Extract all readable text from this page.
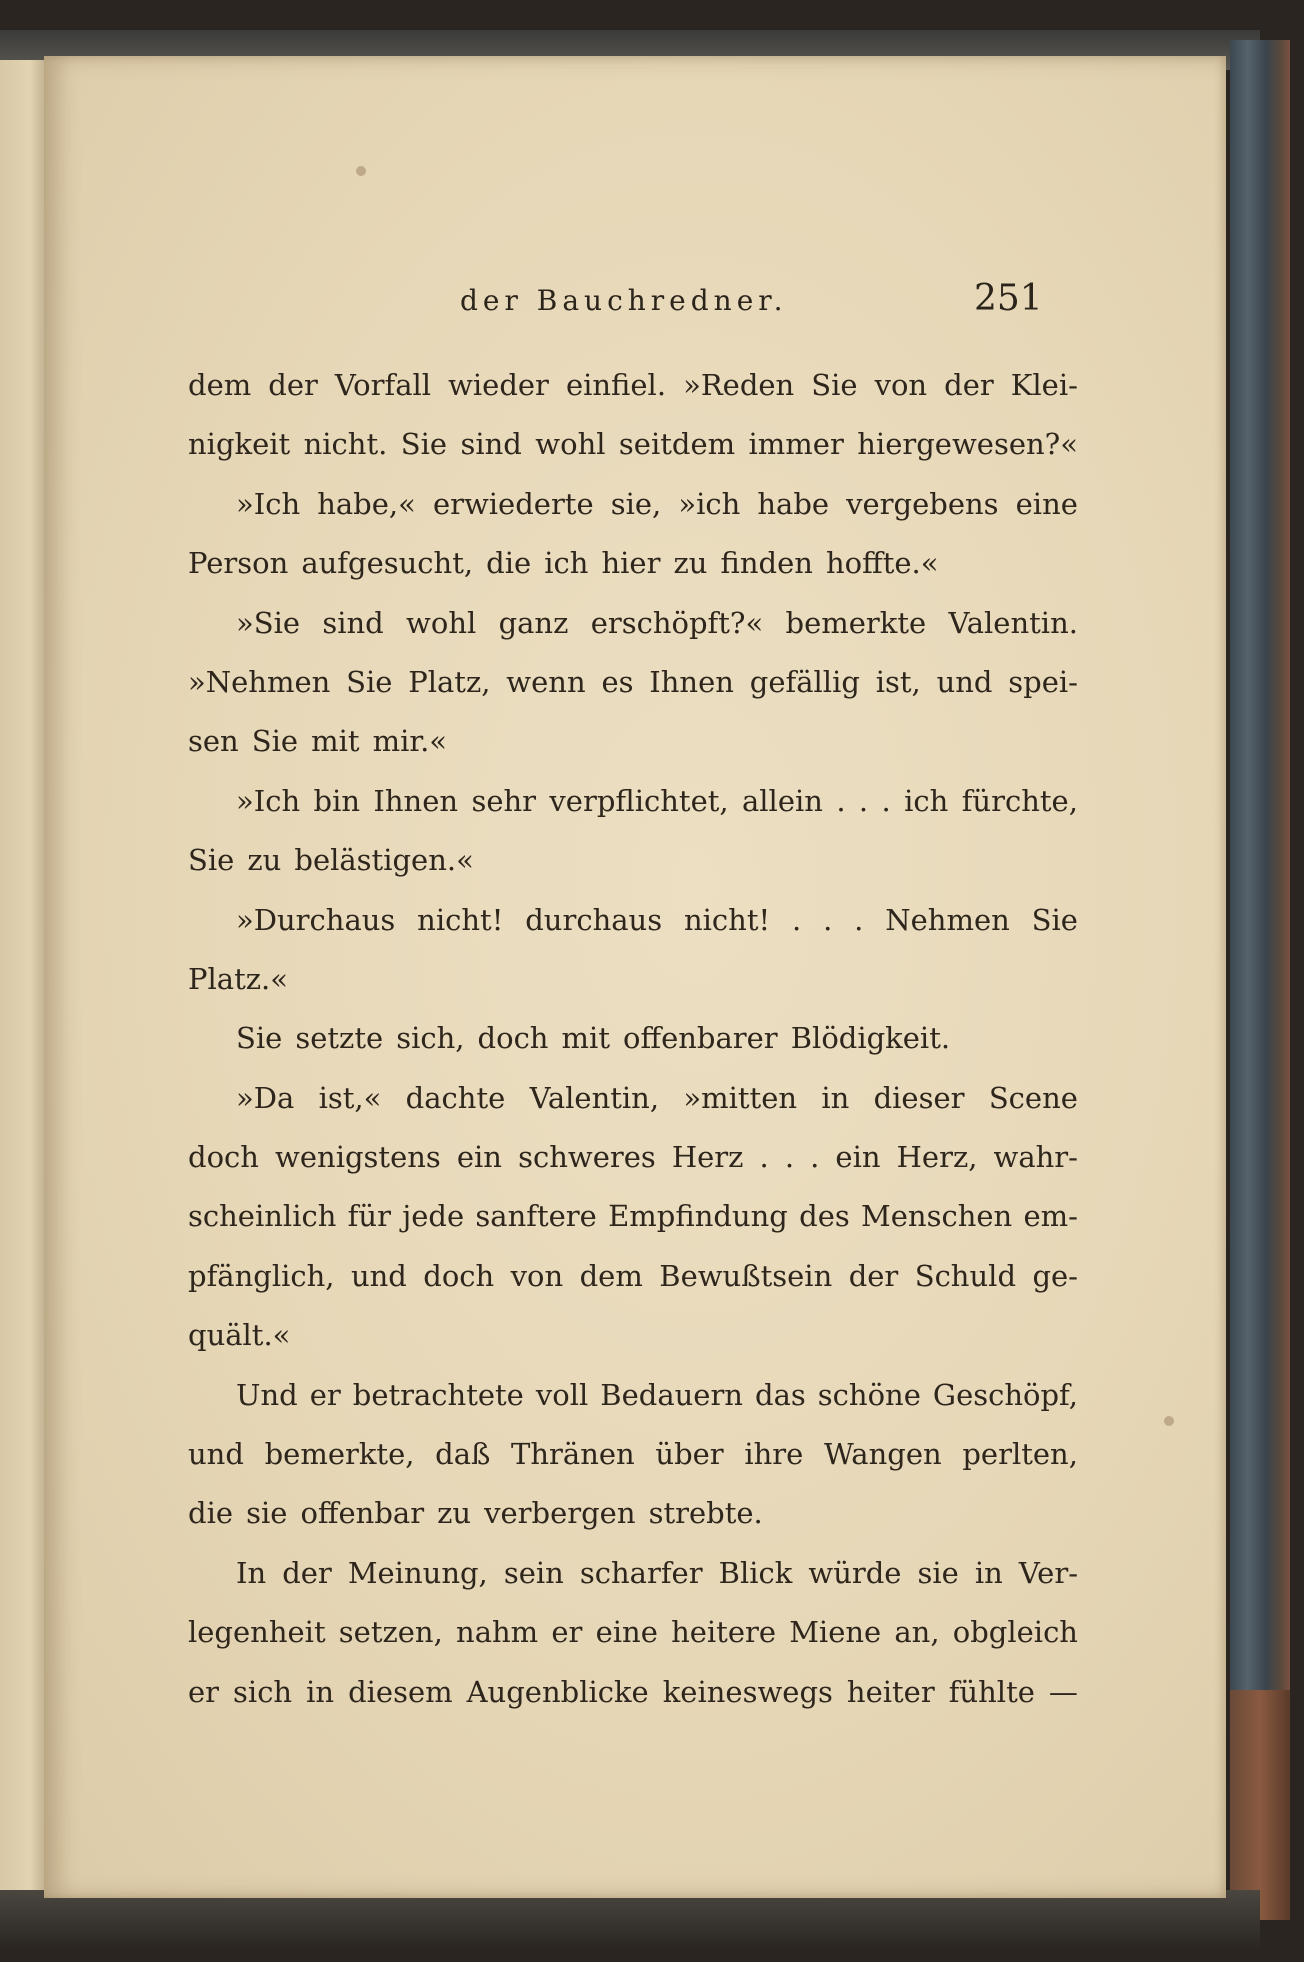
der Bauchredner.	251
dem der Vorfall wieder einfiel. »Reden Sie von der Klei-
nigkeit nicht. Sie sind wohl seitdem immer hiergewesen?«
»Ich habe,« erwiederte sie, »ich habe vergebens eine
Person aufgesucht, die ich hier zu finden hoffte.«
»Sie sind wohl ganz erschöpft?« bemerkte Valentin.
»Nehmen Sie Platz, wenn es Ihnen gefällig ist, und spei-
sen Sie mit mir.«
»Ich bin Ihnen sehr verpflichtet, allein . . . ich fürchte,
Sie zu belästigen.«
»Durchaus nicht! durchaus nicht! . . . Nehmen Sie
Platz.«
Sie setzte sich, doch mit offenbarer Blödigkeit.
»Da ist,« dachte Valentin, »mitten in dieser Scene
doch wenigstens ein schweres Herz . . . ein Herz, wahr-
scheinlich für jede sanftere Empfindung des Menschen em-
pfänglich, und doch von dem Bewußtsein der Schuld ge-
quält.«
Und er betrachtete voll Bedauern das schöne Geschöpf,
und bemerkte, daß Thränen über ihre Wangen perlten,
die sie offenbar zu verbergen strebte.
In der Meinung, sein scharfer Blick würde sie in Ver-
legenheit setzen, nahm er eine heitere Miene an, obgleich
er sich in diesem Augenblicke keineswegs heiter fühlte —
